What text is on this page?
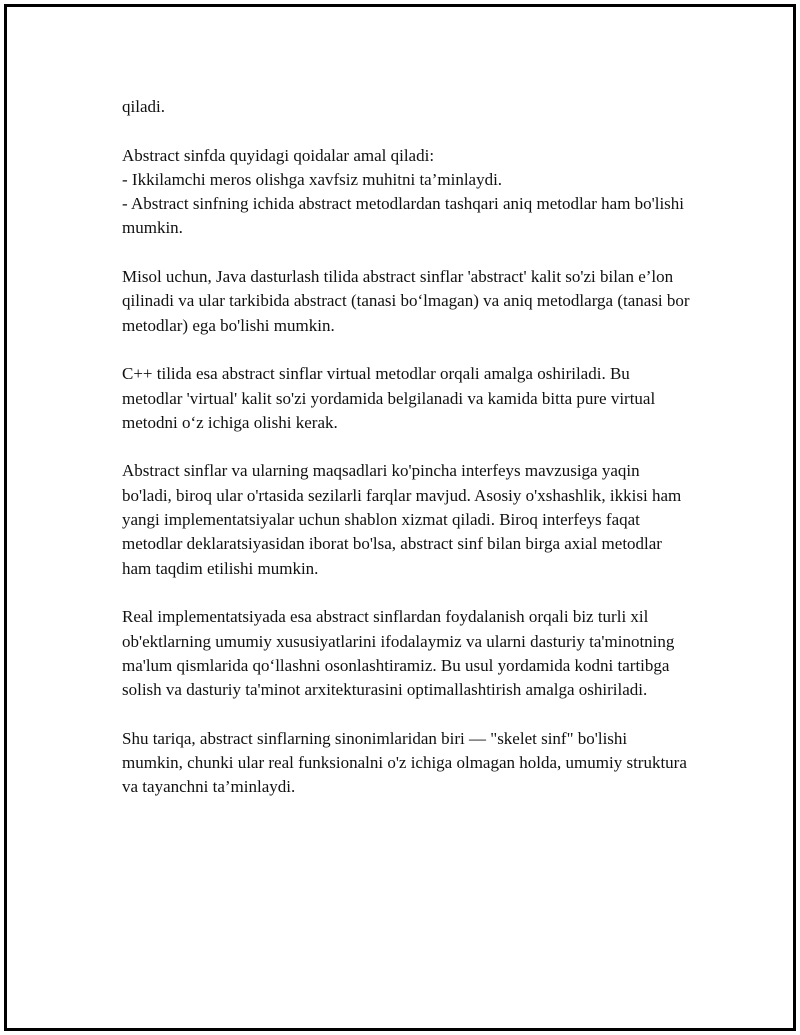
qiladi.

Abstract sinfda quyidagi qoidalar amal qiladi:
- Ikkilamchi meros olishga xavfsiz muhitni ta’minlaydi.
- Abstract sinfning ichida abstract metodlardan tashqari aniq metodlar ham bo'lishi mumkin.

Misol uchun, Java dasturlash tilida abstract sinflar 'abstract' kalit so'zi bilan e’lon qilinadi va ular tarkibida abstract (tanasi bo‘lmagan) va aniq metodlarga (tanasi bor metodlar) ega bo'lishi mumkin.

C++ tilida esa abstract sinflar virtual metodlar orqali amalga oshiriladi. Bu metodlar 'virtual' kalit so'zi yordamida belgilanadi va kamida bitta pure virtual metodni o‘z ichiga olishi kerak.

Abstract sinflar va ularning maqsadlari ko'pincha interfeys mavzusiga yaqin bo'ladi, biroq ular o'rtasida sezilarli farqlar mavjud. Asosiy o'xshashlik, ikkisi ham yangi implementatsiyalar uchun shablon xizmat qiladi. Biroq interfeys faqat metodlar deklaratsiyasidan iborat bo'lsa, abstract sinf bilan birga axial metodlar ham taqdim etilishi mumkin.

Real implementatsiyada esa abstract sinflardan foydalanish orqali biz turli xil ob'ektlarning umumiy xususiyatlarini ifodalaymiz va ularni dasturiy ta'minotning ma'lum qismlarida qo‘llashni osonlashtiramiz. Bu usul yordamida kodni tartibga solish va dasturiy ta'minot arxitekturasini optimallashtirish amalga oshiriladi.

Shu tariqa, abstract sinflarning sinonimlaridan biri — "skelet sinf" bo'lishi mumkin, chunki ular real funksionalni o'z ichiga olmagan holda, umumiy struktura va tayanchni ta’minlaydi.
